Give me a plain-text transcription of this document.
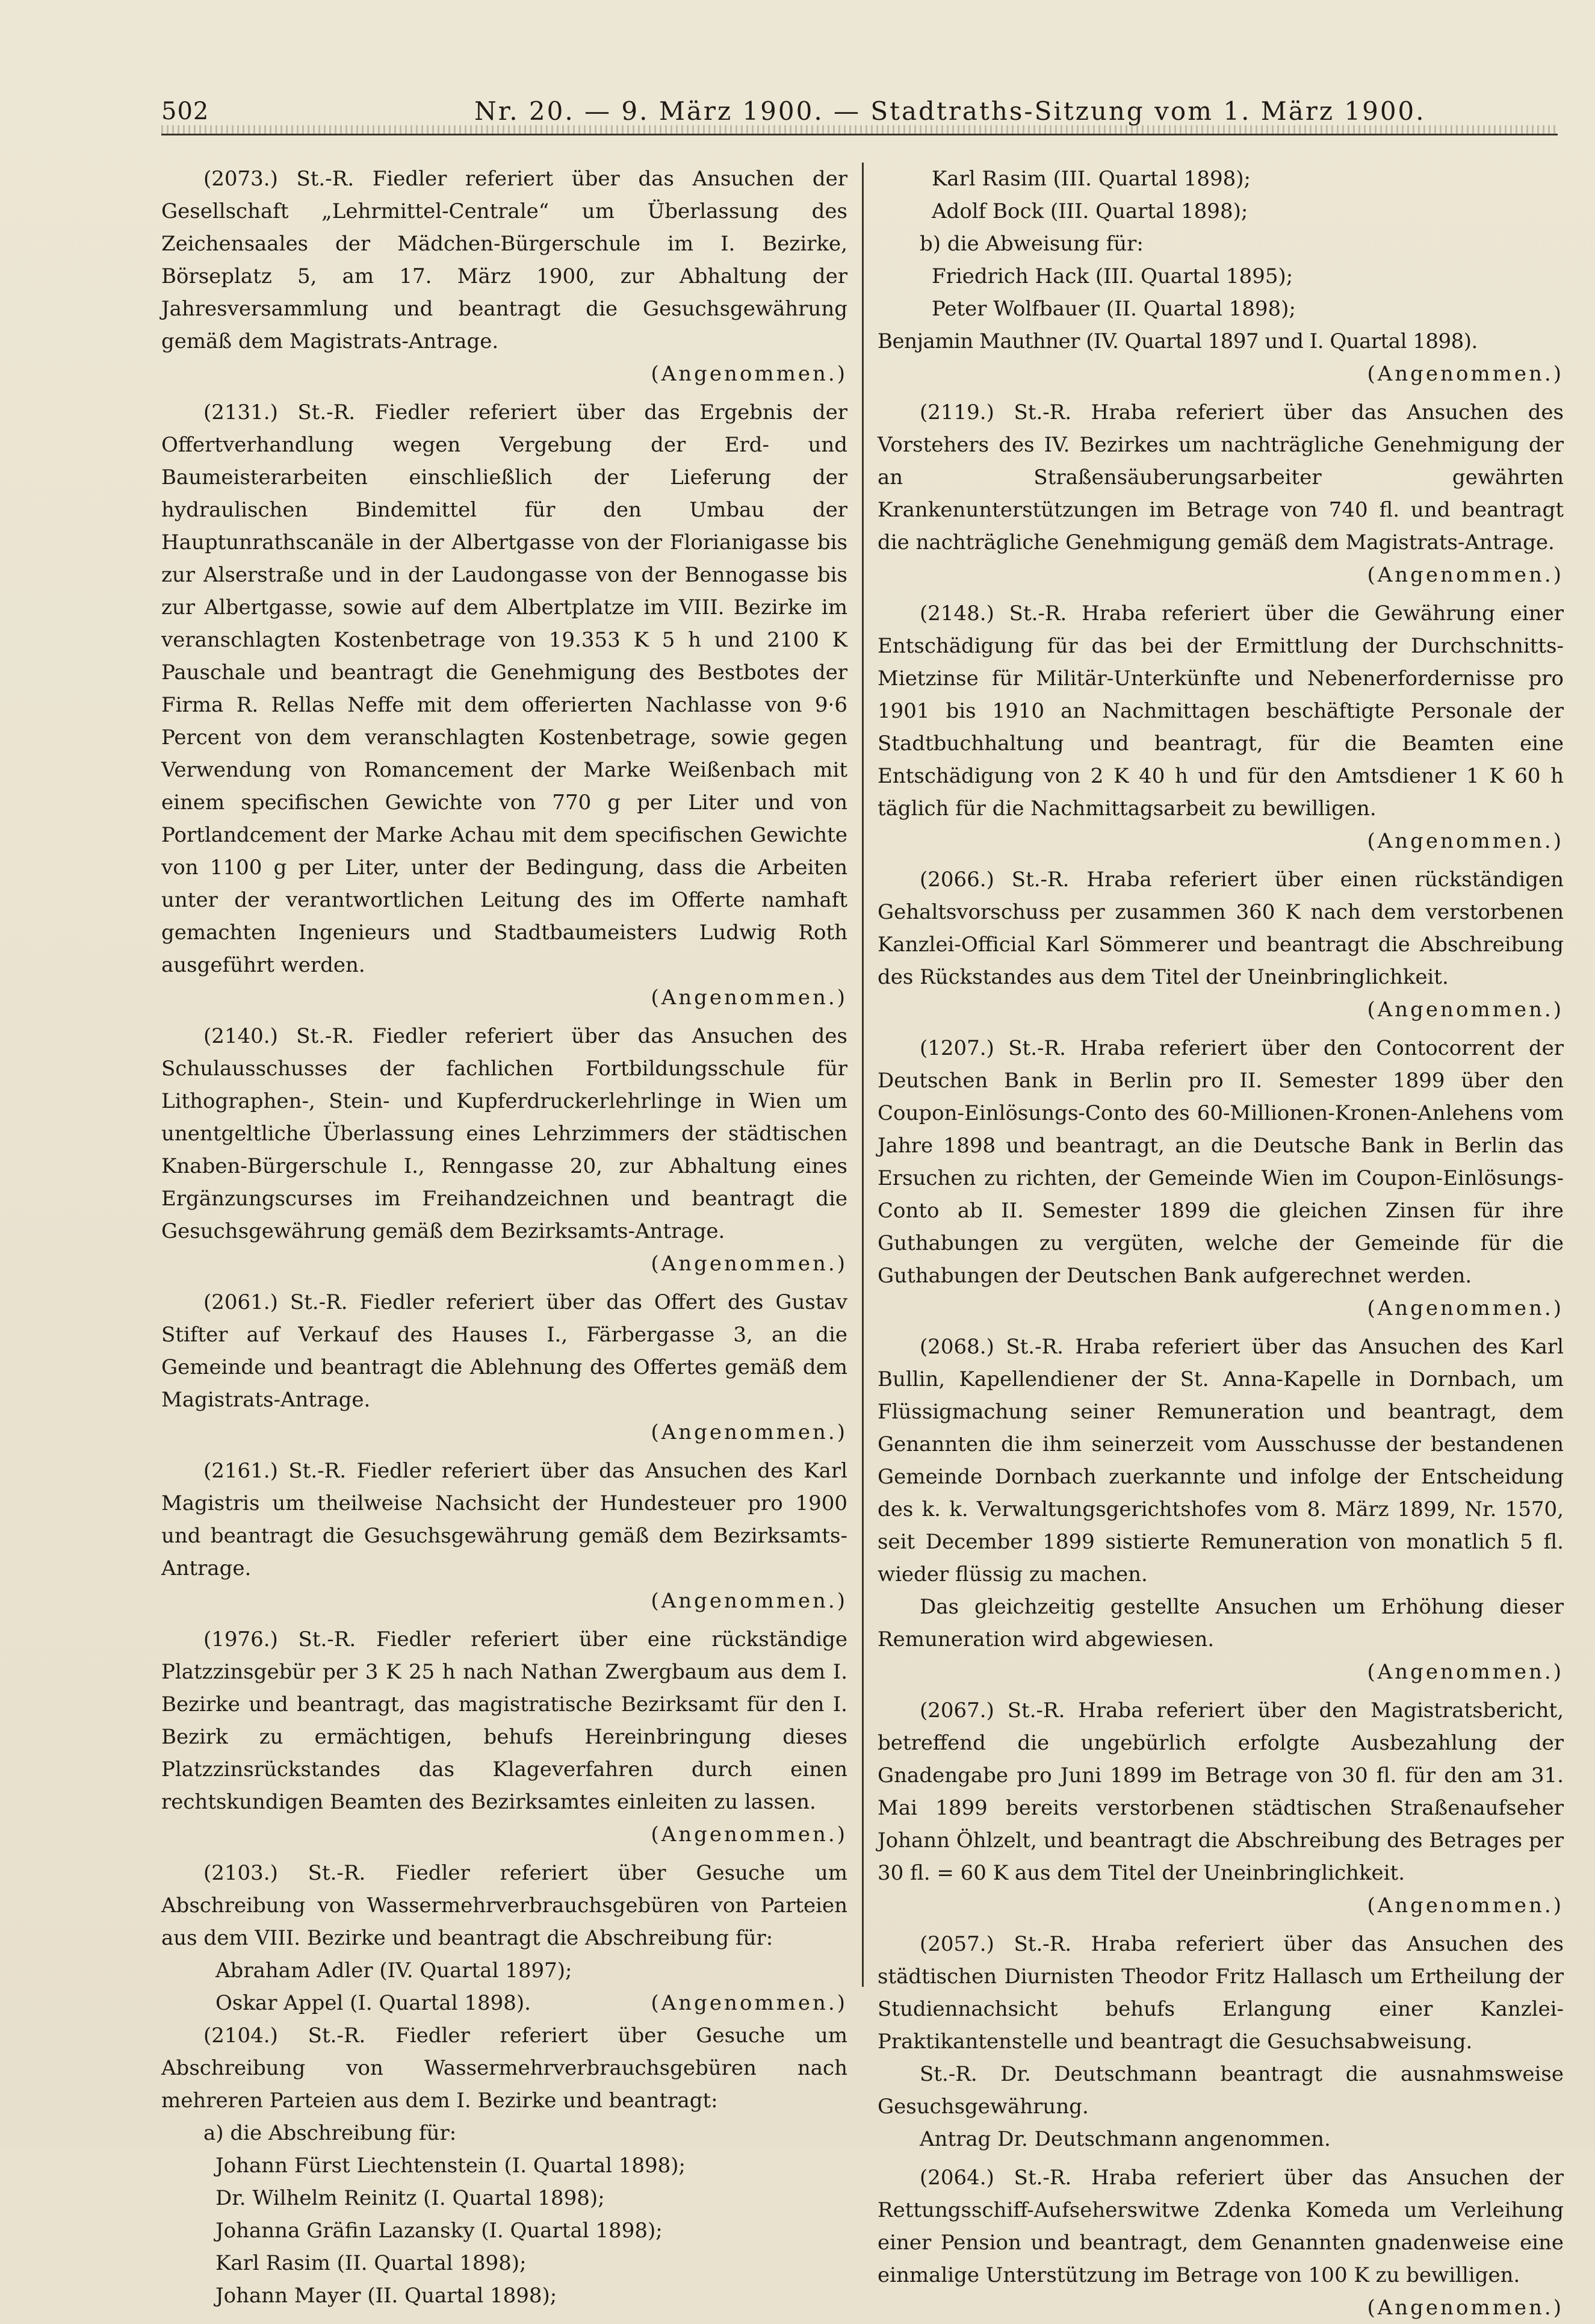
502	Nr. 20. — 9. März 1900. — Stadtraths-Sitzung vom 1. März 1900.

(2073.) St.-R. Fiedler referiert über das Ansuchen der Gesellschaft „Lehrmittel-Centrale“ um Überlassung des Zeichensaales der Mädchen-Bürgerschule im I. Bezirke, Börseplatz 5, am 17. März 1900, zur Abhaltung der Jahresversammlung und beantragt die Gesuchsgewährung gemäß dem Magistrats-Antrage.
(Angenommen.)

(2131.) St.-R. Fiedler referiert über das Ergebnis der Offertverhandlung wegen Vergebung der Erd- und Baumeisterarbeiten einschließlich der Lieferung der hydraulischen Bindemittel für den Umbau der Hauptunrathscanäle in der Albertgasse von der Florianigasse bis zur Alserstraße und in der Laudongasse von der Bennogasse bis zur Albertgasse, sowie auf dem Albertplatze im VIII. Bezirke im veranschlagten Kostenbetrage von 19.353 K 5 h und 2100 K Pauschale und beantragt die Genehmigung des Bestbotes der Firma R. Rellas Neffe mit dem offerierten Nachlasse von 9·6 Percent von dem veranschlagten Kostenbetrage, sowie gegen Verwendung von Romancement der Marke Weißenbach mit einem specifischen Gewichte von 770 g per Liter und von Portlandcement der Marke Achau mit dem specifischen Gewichte von 1100 g per Liter, unter der Bedingung, dass die Arbeiten unter der verantwortlichen Leitung des im Offerte namhaft gemachten Ingenieurs und Stadtbaumeisters Ludwig Roth ausgeführt werden.
(Angenommen.)

(2140.) St.-R. Fiedler referiert über das Ansuchen des Schulausschusses der fachlichen Fortbildungsschule für Lithographen-, Stein- und Kupferdruckerlehrlinge in Wien um unentgeltliche Überlassung eines Lehrzimmers der städtischen Knaben-Bürgerschule I., Renngasse 20, zur Abhaltung eines Ergänzungscurses im Freihandzeichnen und beantragt die Gesuchsgewährung gemäß dem Bezirksamts-Antrage.
(Angenommen.)

(2061.) St.-R. Fiedler referiert über das Offert des Gustav Stifter auf Verkauf des Hauses I., Färbergasse 3, an die Gemeinde und beantragt die Ablehnung des Offertes gemäß dem Magistrats-Antrage.
(Angenommen.)

(2161.) St.-R. Fiedler referiert über das Ansuchen des Karl Magistris um theilweise Nachsicht der Hundesteuer pro 1900 und beantragt die Gesuchsgewährung gemäß dem Bezirksamts-Antrage.
(Angenommen.)

(1976.) St.-R. Fiedler referiert über eine rückständige Platzzinsgebür per 3 K 25 h nach Nathan Zwergbaum aus dem I. Bezirke und beantragt, das magistratische Bezirksamt für den I. Bezirk zu ermächtigen, behufs Hereinbringung dieses Platzzinsrückstandes das Klageverfahren durch einen rechtskundigen Beamten des Bezirksamtes einleiten zu lassen.
(Angenommen.)

(2103.) St.-R. Fiedler referiert über Gesuche um Abschreibung von Wassermehrverbrauchsgebüren von Parteien aus dem VIII. Bezirke und beantragt die Abschreibung für:

Abraham Adler (IV. Quartal 1897);

Oskar Appel (I. Quartal 1898).	(Angenommen.)

(2104.) St.-R. Fiedler referiert über Gesuche um Abschreibung von Wassermehrverbrauchsgebüren nach mehreren Parteien aus dem I. Bezirke und beantragt:

a) die Abschreibung für:

Johann Fürst Liechtenstein (I. Quartal 1898);

Dr. Wilhelm Reinitz (I. Quartal 1898);

Johanna Gräfin Lazansky (I. Quartal 1898);

Karl Rasim (II. Quartal 1898);

Johann Mayer (II. Quartal 1898);

Karl Rasim (III. Quartal 1898);

Adolf Bock (III. Quartal 1898);

b) die Abweisung für:

Friedrich Hack (III. Quartal 1895);

Peter Wolfbauer (II. Quartal 1898);

Benjamin Mauthner (IV. Quartal 1897 und I. Quartal 1898).

(Angenommen.)

(2119.) St.-R. Hraba referiert über das Ansuchen des Vorstehers des IV. Bezirkes um nachträgliche Genehmigung der an Straßensäuberungsarbeiter gewährten Krankenunterstützungen im Betrage von 740 fl. und beantragt die nachträgliche Genehmigung gemäß dem Magistrats-Antrage.
(Angenommen.)

(2148.) St.-R. Hraba referiert über die Gewährung einer Entschädigung für das bei der Ermittlung der Durchschnitts-Mietzinse für Militär-Unterkünfte und Nebenerfordernisse pro 1901 bis 1910 an Nachmittagen beschäftigte Personale der Stadtbuchhaltung und beantragt, für die Beamten eine Entschädigung von 2 K 40 h und für den Amtsdiener 1 K 60 h täglich für die Nachmittagsarbeit zu bewilligen.
(Angenommen.)

(2066.) St.-R. Hraba referiert über einen rückständigen Gehaltsvorschuss per zusammen 360 K nach dem verstorbenen Kanzlei-Official Karl Sömmerer und beantragt die Abschreibung des Rückstandes aus dem Titel der Uneinbringlichkeit.
(Angenommen.)

(1207.) St.-R. Hraba referiert über den Contocorrent der Deutschen Bank in Berlin pro II. Semester 1899 über den Coupon-Einlösungs-Conto des 60-Millionen-Kronen-Anlehens vom Jahre 1898 und beantragt, an die Deutsche Bank in Berlin das Ersuchen zu richten, der Gemeinde Wien im Coupon-Einlösungs-Conto ab II. Semester 1899 die gleichen Zinsen für ihre Guthabungen zu vergüten, welche der Gemeinde für die Guthabungen der Deutschen Bank aufgerechnet werden.
(Angenommen.)

(2068.) St.-R. Hraba referiert über das Ansuchen des Karl Bullin, Kapellendiener der St. Anna-Kapelle in Dornbach, um Flüssigmachung seiner Remuneration und beantragt, dem Genannten die ihm seinerzeit vom Ausschusse der bestandenen Gemeinde Dornbach zuerkannte und infolge der Entscheidung des k. k. Verwaltungsgerichtshofes vom 8. März 1899, Nr. 1570, seit December 1899 sistierte Remuneration von monatlich 5 fl. wieder flüssig zu machen.

Das gleichzeitig gestellte Ansuchen um Erhöhung dieser Remuneration wird abgewiesen.
(Angenommen.)

(2067.) St.-R. Hraba referiert über den Magistratsbericht, betreffend die ungebürlich erfolgte Ausbezahlung der Gnadengabe pro Juni 1899 im Betrage von 30 fl. für den am 31. Mai 1899 bereits verstorbenen städtischen Straßenaufseher Johann Öhlzelt, und beantragt die Abschreibung des Betrages per 30 fl. = 60 K aus dem Titel der Uneinbringlichkeit.
(Angenommen.)

(2057.) St.-R. Hraba referiert über das Ansuchen des städtischen Diurnisten Theodor Fritz Hallasch um Ertheilung der Studiennachsicht behufs Erlangung einer Kanzlei-Praktikantenstelle und beantragt die Gesuchsabweisung.

St.-R. Dr. Deutschmann beantragt die ausnahmsweise Gesuchsgewährung.

Antrag Dr. Deutschmann angenommen.

(2064.) St.-R. Hraba referiert über das Ansuchen der Rettungsschiff-Aufseherswitwe Zdenka Komeda um Verleihung einer Pension und beantragt, dem Genannten gnadenweise eine einmalige Unterstützung im Betrage von 100 K zu bewilligen.
(Angenommen.)
